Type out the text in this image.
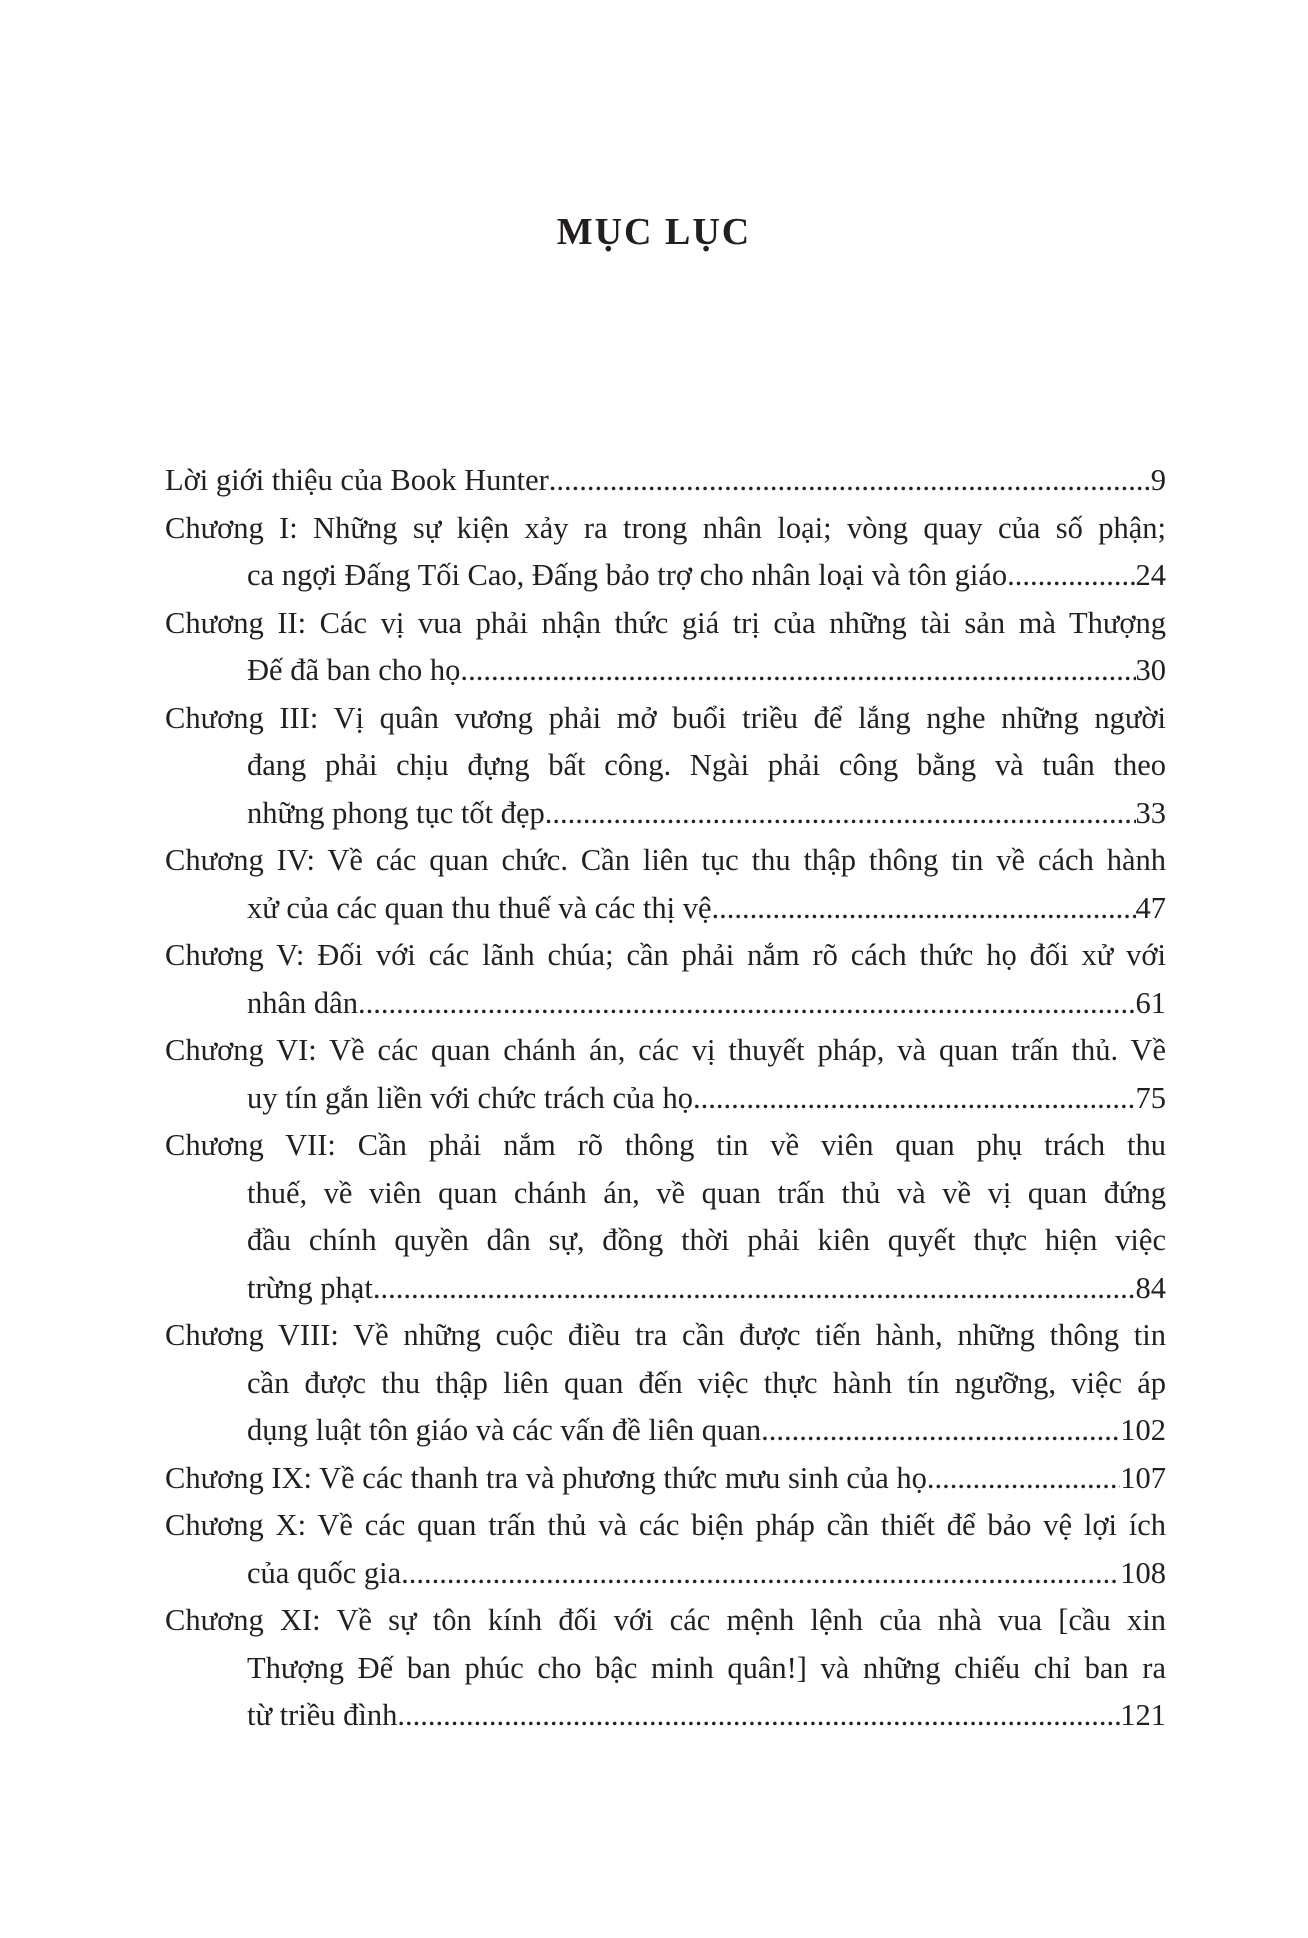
MỤC LỤC
Lời giới thiệu của Book Hunter .....	9
Chương I: Những sự kiện xảy ra trong nhân loại; vòng quay của số phận;
ca ngợi Đấng Tối Cao, Đấng bảo trợ cho nhân loại và tôn giáo. .....	24
Chương II: Các vị vua phải nhận thức giá trị của những tài sản mà Thượng
Đế đã ban cho họ. .....	30
Chương III: Vị quân vương phải mở buổi triều để lắng nghe những người
đang phải chịu đựng bất công. Ngài phải công bằng và tuân theo
những phong tục tốt đẹp. .....	33
Chương IV: Về các quan chức. Cần liên tục thu thập thông tin về cách hành
xử của các quan thu thuế và các thị vệ. .....	47
Chương V: Đối với các lãnh chúa; cần phải nắm rõ cách thức họ đối xử với
nhân dân. .....	61
Chương VI: Về các quan chánh án, các vị thuyết pháp, và quan trấn thủ. Về
uy tín gắn liền với chức trách của họ. .....	75
Chương VII: Cần phải nắm rõ thông tin về viên quan phụ trách thu
thuế, về viên quan chánh án, về quan trấn thủ và về vị quan đứng
đầu chính quyền dân sự, đồng thời phải kiên quyết thực hiện việc
trừng phạt .....	84
Chương VIII: Về những cuộc điều tra cần được tiến hành, những thông tin
cần được thu thập liên quan đến việc thực hành tín ngưỡng, việc áp
dụng luật tôn giáo và các vấn đề liên quan. .....	102
Chương IX: Về các thanh tra và phương thức mưu sinh của họ. .....	107
Chương X: Về các quan trấn thủ và các biện pháp cần thiết để bảo vệ lợi ích
của quốc gia. .....	108
Chương XI: Về sự tôn kính đối với các mệnh lệnh của nhà vua [cầu xin
Thượng Đế ban phúc cho bậc minh quân!] và những chiếu chỉ ban ra
từ triều đình. .....	121
